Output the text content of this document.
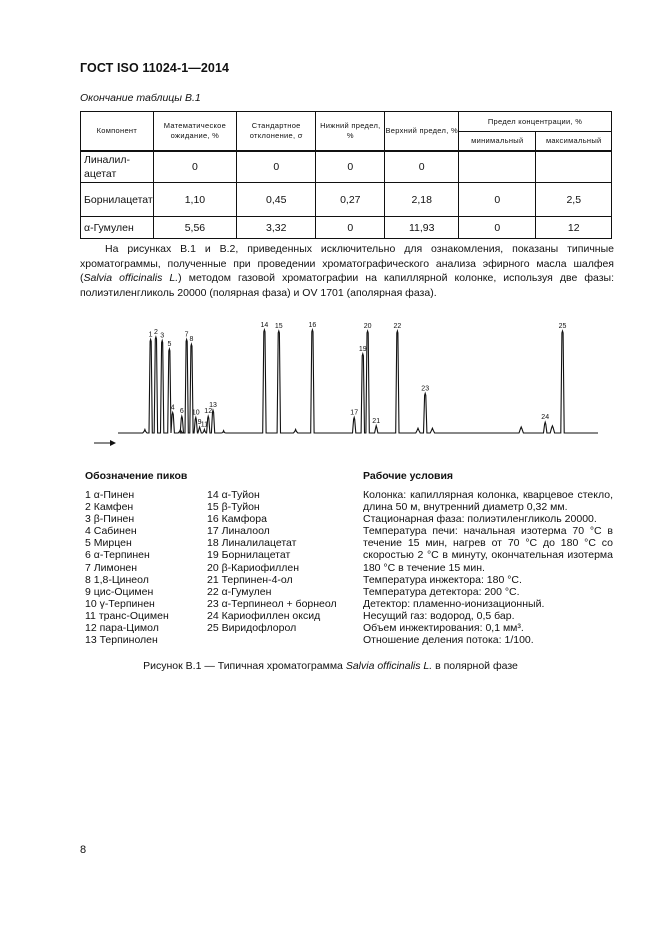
ГОСТ ISO 11024-1—2014
Окончание таблицы В.1
Компонент	Математическое ожидание, %	Стандартное отклонение, σ	Нижний предел, %	Верхний предел, %	Предел концентрации, %	
					минимальный	максимальный
Линалил-ацетат	0	0	0	0		
Борнилацетат	1,10	0,45	0,27	2,18	0	2,5
α-Гумулен	5,56	3,32	0	11,93	0	12

На рисунках В.1 и В.2, приведенных исключительно для ознакомления, показаны типичные хроматограммы, полученные при проведении хроматографического анализа эфирного масла шалфея (Salvia officinalis L.) методом газовой хроматографии на капиллярной колонке, используя две фазы: полиэтиленгликоль 20000 (полярная фаза) и OV 1701 (аполярная фаза).

1 2
3
5
4
6
7
8
10
9 11
12
13
14 15	16
17
19
20
21
22
23
24
25
Обозначение пиков
1 α-Пинен
2 Камфен
3 β-Пинен
4 Сабинен
5 Мирцен
6 α-Терпинен
7 Лимонен
8 1,8-Цинеол
9 цис-Оцимен
10 γ-Терпинен
11 транс-Оцимен
12 пара-Цимол
13 Терпинолен
14 α-Туйон
15 β-Туйон
16 Камфора
17 Линалоол
18 Линалилацетат
19 Борнилацетат
20 β-Кариофиллен
21 Терпинен-4-ол
22 α-Гумулен
23 α-Терпинеол + борнеол
24 Кариофиллен оксид
25 Виридофлорол
Рабочие условия
Колонка: капиллярная колонка, кварцевое стекло, длина 50 м, внутренний диаметр 0,32 мм.
Стационарная фаза: полиэтиленгликоль 20000.
Температура печи: начальная изотерма 70 °С в течение 15 мин, нагрев от 70 °С до 180 °С со скоростью 2 °С в минуту, окончательная изотерма 180 °С в течение 15 мин.
Температура инжектора: 180 °С.
Температура детектора: 200 °С.
Детектор: пламенно-ионизационный.
Несущий газ: водород, 0,5 бар.
Объем инжектирования: 0,1 мм³.
Отношение деления потока: 1/100.
Рисунок В.1 — Типичная хроматограмма Salvia officinalis L. в полярной фазе
8
